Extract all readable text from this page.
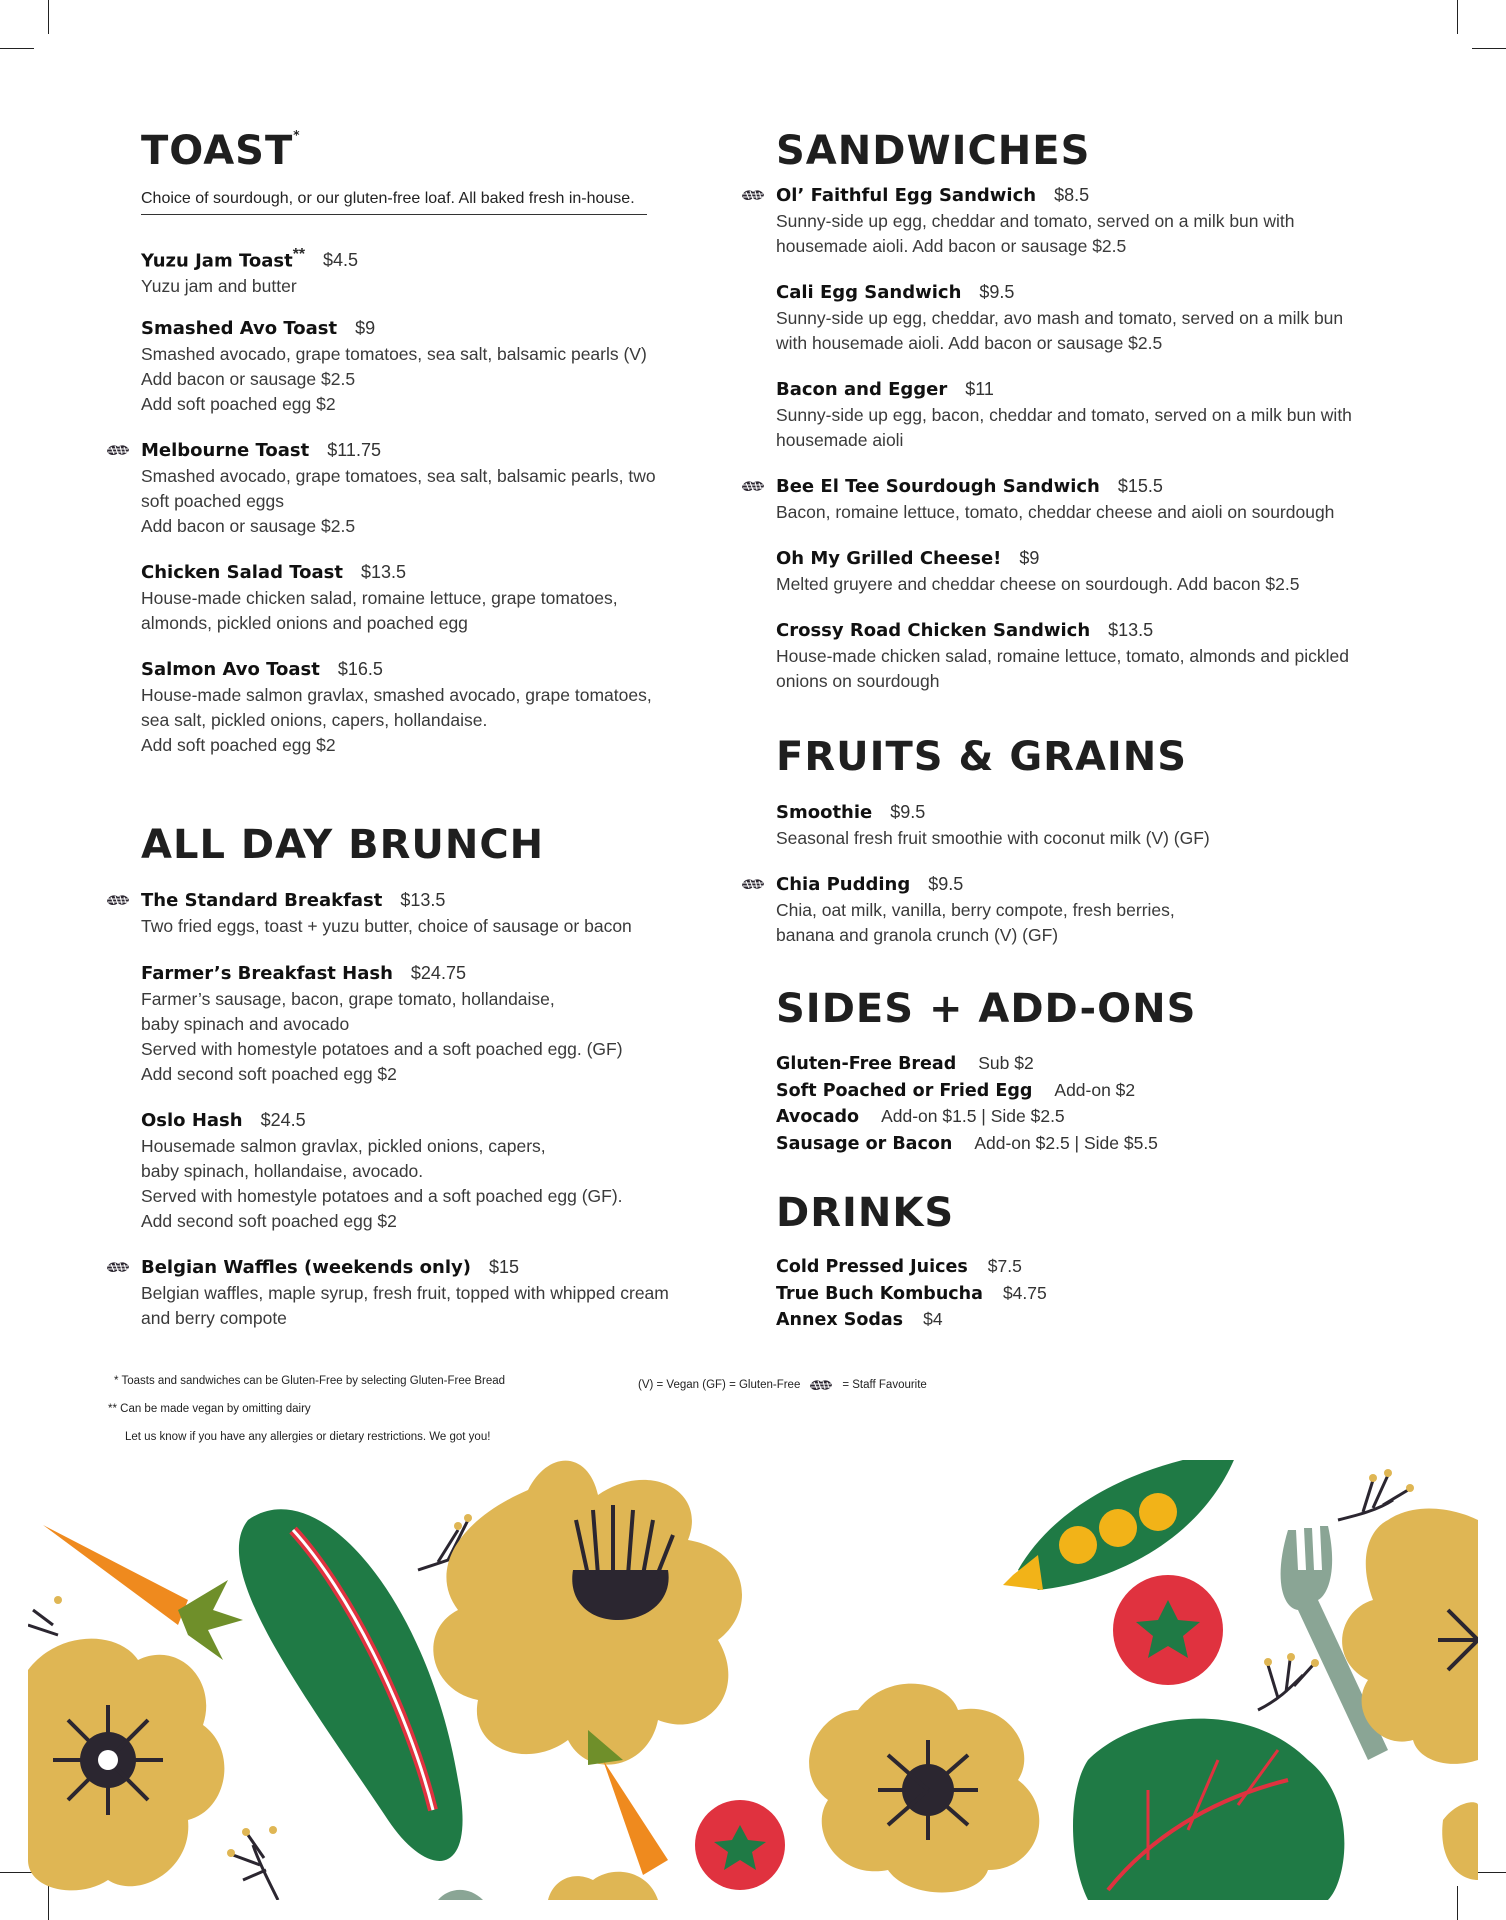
TOAST*
Choice of sourdough, or our gluten-free loaf. All baked fresh in-house.
Yuzu Jam Toast** $4.5
Yuzu jam and butter
Smashed Avo Toast $9
Smashed avocado, grape tomatoes, sea salt, balsamic pearls (V)
Add bacon or sausage $2.5
Add soft poached egg $2
Melbourne Toast $11.75
Smashed avocado, grape tomatoes, sea salt, balsamic pearls, two
soft poached eggs
Add bacon or sausage $2.5
Chicken Salad Toast $13.5
House-made chicken salad, romaine lettuce, grape tomatoes,
almonds, pickled onions and poached egg
Salmon Avo Toast $16.5
House-made salmon gravlax, smashed avocado, grape tomatoes,
sea salt, pickled onions, capers, hollandaise.
Add soft poached egg $2
ALL DAY BRUNCH
The Standard Breakfast $13.5
Two fried eggs, toast + yuzu butter, choice of sausage or bacon
Farmer’s Breakfast Hash $24.75
Farmer’s sausage, bacon, grape tomato, hollandaise,
baby spinach and avocado
Served with homestyle potatoes and a soft poached egg. (GF)
Add second soft poached egg $2
Oslo Hash $24.5
Housemade salmon gravlax, pickled onions, capers,
baby spinach, hollandaise, avocado.
Served with homestyle potatoes and a soft poached egg (GF).
Add second soft poached egg $2
Belgian Waffles (weekends only) $15
Belgian waffles, maple syrup, fresh fruit, topped with whipped cream
and berry compote
SANDWICHES
Ol’ Faithful Egg Sandwich $8.5
Sunny-side up egg, cheddar and tomato, served on a milk bun with
housemade aioli. Add bacon or sausage $2.5
Cali Egg Sandwich $9.5
Sunny-side up egg, cheddar, avo mash and tomato, served on a milk bun
with housemade aioli. Add bacon or sausage $2.5
Bacon and Egger $11
Sunny-side up egg, bacon, cheddar and tomato, served on a milk bun with
housemade aioli
Bee El Tee Sourdough Sandwich $15.5
Bacon, romaine lettuce, tomato, cheddar cheese and aioli on sourdough
Oh My Grilled Cheese! $9
Melted gruyere and cheddar cheese on sourdough. Add bacon $2.5
Crossy Road Chicken Sandwich $13.5
House-made chicken salad, romaine lettuce, tomato, almonds and pickled
onions on sourdough
FRUITS & GRAINS
Smoothie $9.5
Seasonal fresh fruit smoothie with coconut milk (V) (GF)
Chia Pudding $9.5
Chia, oat milk, vanilla, berry compote, fresh berries,
banana and granola crunch (V) (GF)
SIDES + ADD-ONS
Gluten-Free Bread Sub $2
Soft Poached or Fried Egg Add-on $2
Avocado Add-on $1.5 | Side $2.5
Sausage or Bacon Add-on $2.5 | Side $5.5
DRINKS
Cold Pressed Juices $7.5
True Buch Kombucha $4.75
Annex Sodas $4
* Toasts and sandwiches can be Gluten-Free by selecting Gluten-Free Bread
** Can be made vegan by omitting dairy
Let us know if you have any allergies or dietary restrictions. We got you!
(V) = Vegan (GF) = Gluten-Free	= Staff Favourite
